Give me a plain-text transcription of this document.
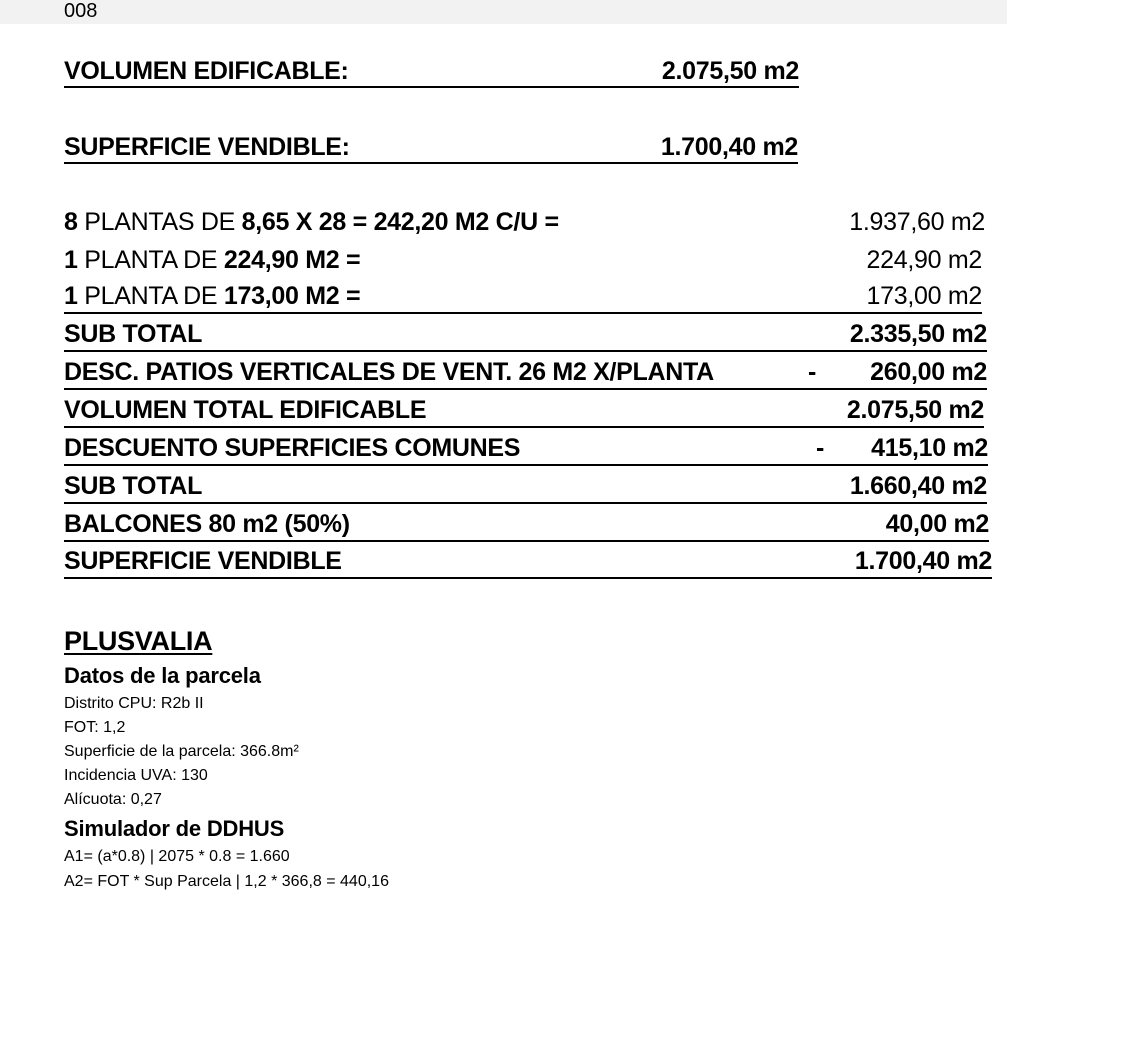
008
VOLUMEN EDIFICABLE:	2.075,50 m2
SUPERFICIE VENDIBLE:	1.700,40 m2
8 PLANTAS DE 8,65 X 28 = 242,20 M2 C/U =	1.937,60 m2
1 PLANTA DE 224,90 M2 =	224,90 m2
1 PLANTA DE 173,00 M2 =	173,00 m2
SUB TOTAL	2.335,50 m2
DESC. PATIOS VERTICALES DE VENT. 26 M2 X/PLANTA	- 260,00 m2
VOLUMEN TOTAL EDIFICABLE	2.075,50 m2
DESCUENTO SUPERFICIES COMUNES	- 415,10 m2
SUB TOTAL	1.660,40 m2
BALCONES 80 m2 (50%)	40,00 m2
SUPERFICIE VENDIBLE	1.700,40 m2
PLUSVALIA
Datos de la parcela
Distrito CPU: R2b II
FOT: 1,2
Superficie de la parcela: 366.8m²
Incidencia UVA: 130
Alícuota: 0,27
Simulador de DDHUS
A1= (a*0.8) | 2075 * 0.8 = 1.660
A2= FOT * Sup Parcela | 1,2 * 366,8 = 440,16
